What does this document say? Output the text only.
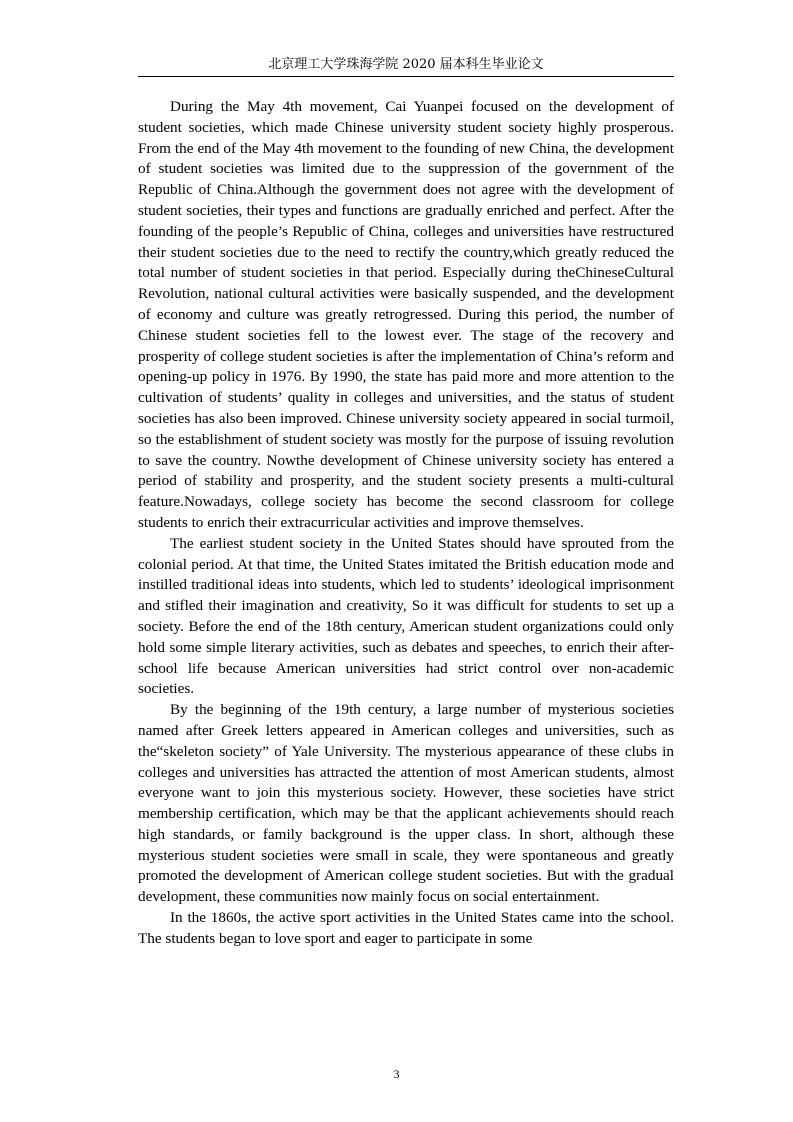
北京理工大学珠海学院 2020 届本科生毕业论文

During the May 4th movement, Cai Yuanpei focused on the development of student societies, which made Chinese university student society highly prosperous. From the end of the May 4th movement to the founding of new China, the development of student societies was limited due to the suppression of the government of the Republic of China.Although the government does not agree with the development of student societies, their types and functions are gradually enriched and perfect. After the founding of the people’s Republic of China, colleges and universities have restructured their student societies due to the need to rectify the country,which greatly reduced the total number of student societies in that period. Especially during theChineseCultural Revolution, national cultural activities were basically suspended, and the development of economy and culture was greatly retrogressed. During this period, the number of Chinese student societies fell to the lowest ever. The stage of the recovery and prosperity of college student societies is after the implementation of China’s reform and opening-up policy in 1976. By 1990, the state has paid more and more attention to the cultivation of students’ quality in colleges and universities, and the status of student societies has also been improved. Chinese university society appeared in social turmoil, so the establishment of student society was mostly for the purpose of issuing revolution to save the country. Nowthe development of Chinese university society has entered a period of stability and prosperity, and the student society presents a multi-cultural feature.Nowadays, college society has become the second classroom for college students to enrich their extracurricular activities and improve themselves.

The earliest student society in the United States should have sprouted from the colonial period. At that time, the United States imitated the British education mode and instilled traditional ideas into students, which led to students’ ideological imprisonment and stifled their imagination and creativity, So it was difficult for students to set up a society. Before the end of the 18th century, American student organizations could only hold some simple literary activities, such as debates and speeches, to enrich their after-school life because American universities had strict control over non-academic societies.

By the beginning of the 19th century, a large number of mysterious societies named after Greek letters appeared in American colleges and universities, such as the“skeleton society” of Yale University. The mysterious appearance of these clubs in colleges and universities has attracted the attention of most American students, almost everyone want to join this mysterious society. However, these societies have strict membership certification, which may be that the applicant achievements should reach high standards, or family background is the upper class. In short, although these mysterious student societies were small in scale, they were spontaneous and greatly promoted the development of American college student societies. But with the gradual development, these communities now mainly focus on social entertainment.

In the 1860s, the active sport activities in the United States came into the school. The students began to love sport and eager to participate in some

3
